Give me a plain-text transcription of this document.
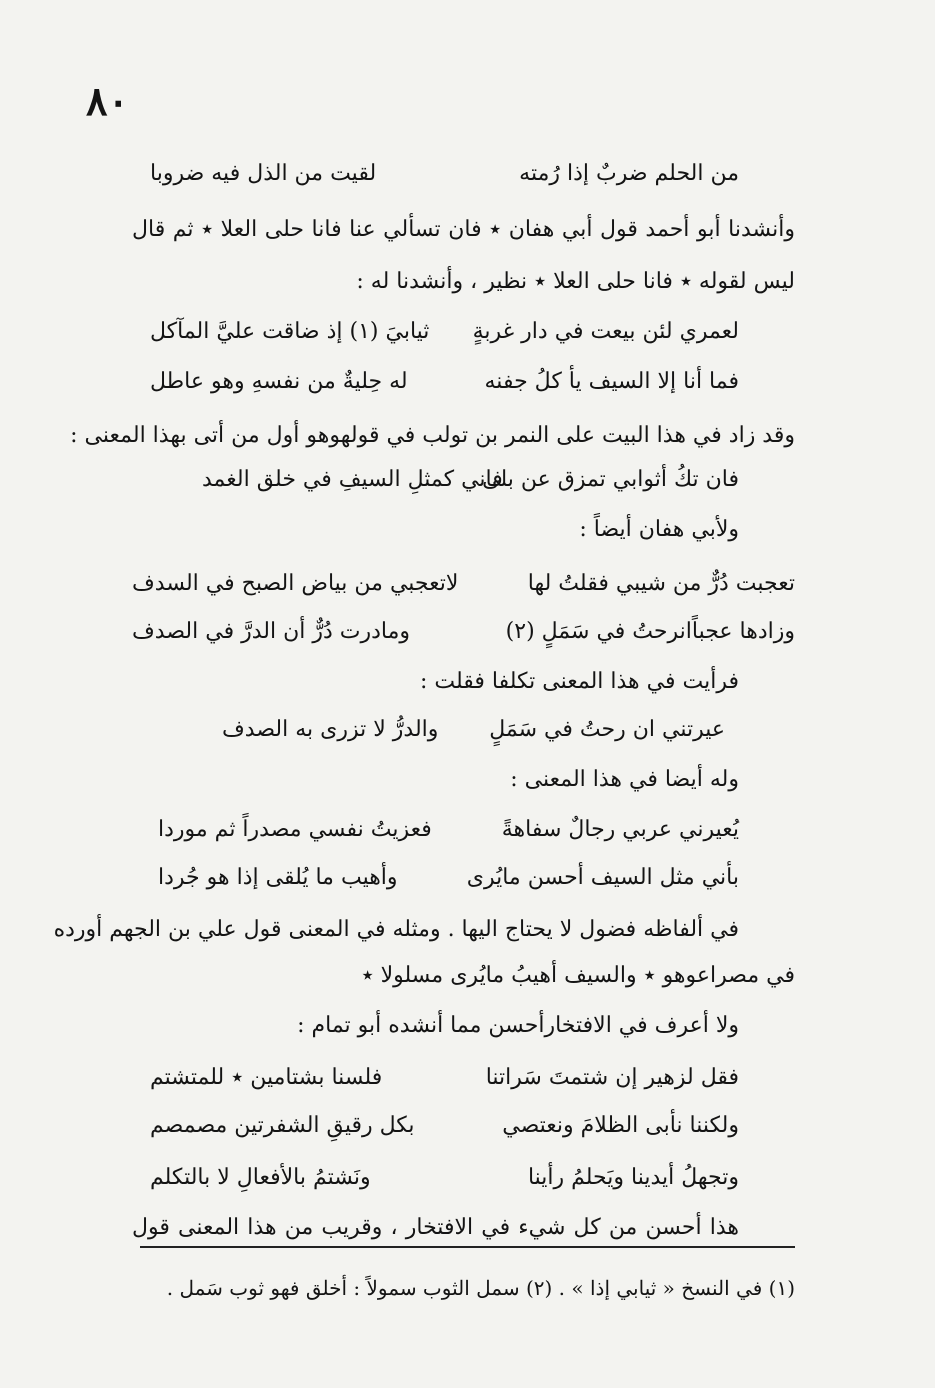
٨٠
من الحلم ضربٌ إذا رُمته
لقيت من الذل فيه ضروبا
وأنشدنا أبو أحمد قول أبي هفان ٭ فان تسألي عنا فانا حلى العلا ٭ ثم قال
ليس لقوله ٭ فانا حلى العلا ٭ نظير ، وأنشدنا له :
لعمري لئن بيعت في دار غربةٍ
ثيابيَ (١) إذ ضاقت عليَّ المآكل
فما أنا إلا السيف يأ كلُ جفنه
له حِليةٌ من نفسهِ وهو عاطل
وقد زاد في هذا البيت على النمر بن تولب في قولهوهو أول من أتى بهذا المعنى :
فان تكُ أثوابي تمزق عن بلى
فاني كمثلِ السيفِ في خلق الغمد
ولأبي هفان أيضاً :
تعجبت دُرٌّ من شيبي فقلتُ لها
لاتعجبي من بياض الصبح في السدف
وزادها عجباًانرحتُ في سَمَلٍ (٢)
ومادرت دُرٌّ أن الدرَّ في الصدف
فرأيت في هذا المعنى تكلفا فقلت :
عيرتني ان رحتُ في سَمَلٍ
والدرُّ لا تزرى به الصدف
وله أيضا في هذا المعنى :
يُعيرني عربي رجالٌ سفاهةً
فعزيتُ نفسي مصدراً ثم موردا
بأني مثل السيف أحسن مايُرى
وأهيب ما يُلقى إذا هو جُردا
في ألفاظه فضول لا يحتاج اليها . ومثله في المعنى قول علي بن الجهم أورده
في مصراعوهو ٭ والسيف أهيبُ مايُرى مسلولا ٭
ولا أعرف في الافتخارأحسن مما أنشده أبو تمام :
فقل لزهير إن شتمتَ سَراتنا
فلسنا بشتامين ٭ للمتشتم
ولكننا نأبى الظلامَ ونعتصي
بكل رقيقِ الشفرتين مصمصم
وتجهلُ أيدينا ويَحلمُ رأينا
ونَشتمُ بالأفعالِ لا بالتكلم
هذا أحسن من كل شيء في الافتخار ، وقريب من هذا المعنى قول
(١) في النسخ « ثيابي إذا » . (٢) سمل الثوب سمولاً : أخلق فهو ثوب سَمل .
